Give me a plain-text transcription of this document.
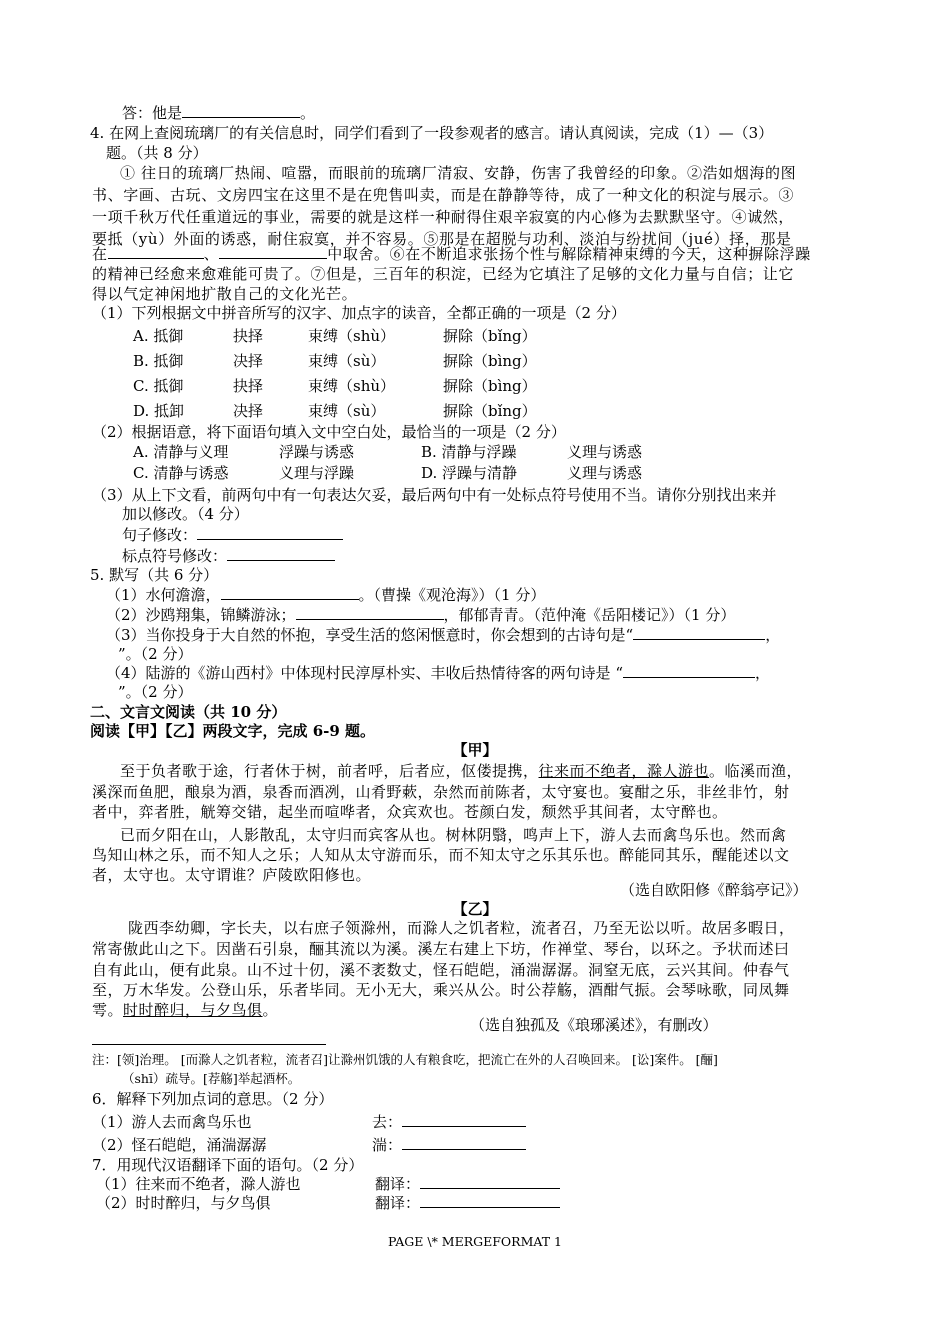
答：他是	。
4. 在网上查阅琉璃厂的有关信息时，同学们看到了一段参观者的感言。请认真阅读，完成（1）—（3）
题。（共 8 分）
① 往日的琉璃厂热闹、喧嚣，而眼前的琉璃厂清寂、安静，伤害了我曾经的印象。②浩如烟海的图
书、字画、古玩、文房四宝在这里不是在兜售叫卖，而是在静静等待，成了一种文化的积淀与展示。③
一项千秋万代任重道远的事业，需要的就是这样一种耐得住艰辛寂寞的内心修为去默默坚守。④诚然，
要抵（yù）外面的诱惑，耐住寂寞，并不容易。⑤那是在超脱与功利、淡泊与纷扰间（jué）择，那是
在	、	中取舍。⑥在不断追求张扬个性与解除精神束缚的今天，这种摒除浮躁
的精神已经愈来愈难能可贵了。⑦但是，三百年的积淀，已经为它填注了足够的文化力量与自信；让它
得以气定神闲地扩散自己的文化光芒。
（1）下列根据文中拼音所写的汉字、加点字的读音，全都正确的一项是（2 分）
A. 抵御	抉择	束缚（shù）	摒除（bǐng）
B. 抵御	决择	束缚（sù）	摒除（bìng）
C. 抵御	抉择	束缚（shù）	摒除（bìng）
D. 抵卸	决择	束缚（sù）	摒除（bǐng）
（2）根据语意，将下面语句填入文中空白处，最恰当的一项是（2 分）
A. 清静与义理	浮躁与诱惑	B. 清静与浮躁	义理与诱惑
C. 清静与诱惑	义理与浮躁	D. 浮躁与清静	义理与诱惑
（3）从上下文看，前两句中有一句表达欠妥，最后两句中有一处标点符号使用不当。请你分别找出来并
加以修改。（4 分）
句子修改：
标点符号修改：
5. 默写（共 6 分）
（1）水何澹澹，	。（曹操《观沧海》）（1 分）
（2）沙鸥翔集，锦鳞游泳；	，郁郁青青。（范仲淹《岳阳楼记》）（1 分）
（3）当你投身于大自然的怀抱，享受生活的悠闲惬意时，你会想到的古诗句是“	，
”。（2 分）
（4）陆游的《游山西村》中体现村民淳厚朴实、丰收后热情待客的两句诗是 “	，
”。（2 分）
二、文言文阅读（共 10 分）
阅读【甲】【乙】两段文字，完成 6-9 题。
【甲】
至于负者歌于途，行者休于树，前者呼，后者应，伛偻提携，往来而不绝者，滁人游也。临溪而渔，
溪深而鱼肥，酿泉为酒，泉香而酒冽，山肴野蔌，杂然而前陈者，太守宴也。宴酣之乐，非丝非竹，射
者中，弈者胜，觥筹交错，起坐而喧哗者，众宾欢也。苍颜白发，颓然乎其间者，太守醉也。
已而夕阳在山，人影散乱，太守归而宾客从也。树林阴翳，鸣声上下，游人去而禽鸟乐也。然而禽
鸟知山林之乐，而不知人之乐；人知从太守游而乐，而不知太守之乐其乐也。醉能同其乐，醒能述以文
者，太守也。太守谓谁？庐陵欧阳修也。
（选自欧阳修《醉翁亭记》）
【乙】
陇西李幼卿，字长夫，以右庶子领滁州，而滁人之饥者粒，流者召，乃至无讼以听。故居多暇日，
常寄傲此山之下。因凿石引泉，酾其流以为溪。溪左右建上下坊，作禅堂、琴台，以环之。予状而述曰
自有此山，便有此泉。山不过十仞，溪不袤数丈，怪石皑皑，涌湍潺潺。洞窒无底，云兴其间。仲春气
至，万木华发。公登山乐，乐者毕同。无小无大，乘兴从公。时公荐觞，酒酣气振。会琴咏歌，同凤舞
雩。时时醉归，与夕鸟俱。
（选自独孤及《琅琊溪述》，有删改）
注：[领]治理。 [而滁人之饥者粒，流者召]让滁州饥饿的人有粮食吃，把流亡在外的人召唤回来。 [讼]案件。 [酾]
（shī）疏导。[荐觞]举起酒杯。
6．解释下列加点词的意思。（2 分）
（1）游人去而禽鸟乐也	去：
（2）怪石皑皑，涌湍潺潺	湍：
7．用现代汉语翻译下面的语句。（2 分）
（1）往来而不绝者，滁人游也	翻译：
（2）时时醉归，与夕鸟俱	翻译：
PAGE \* MERGEFORMAT 1
